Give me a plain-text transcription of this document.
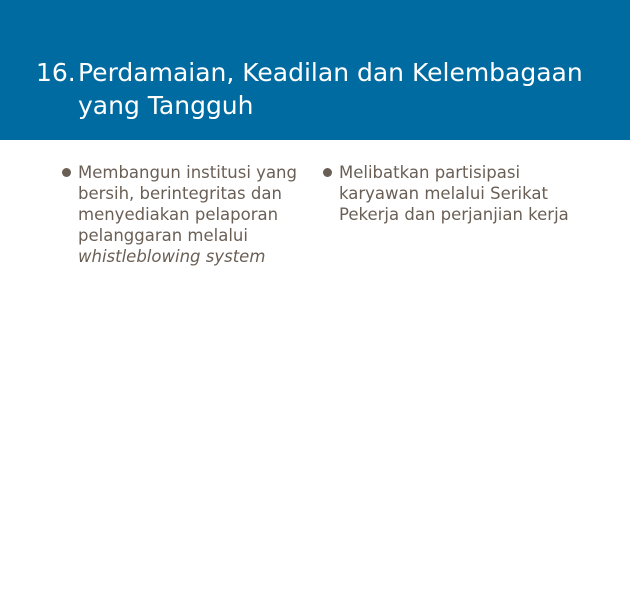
16. Perdamaian, Keadilan dan Kelembagaan yang Tangguh
Membangun institusi yang bersih, berintegritas dan menyediakan pelaporan pelanggaran melalui
whistleblowing system
Melibatkan partisipasi karyawan melalui Serikat Pekerja dan perjanjian kerja
